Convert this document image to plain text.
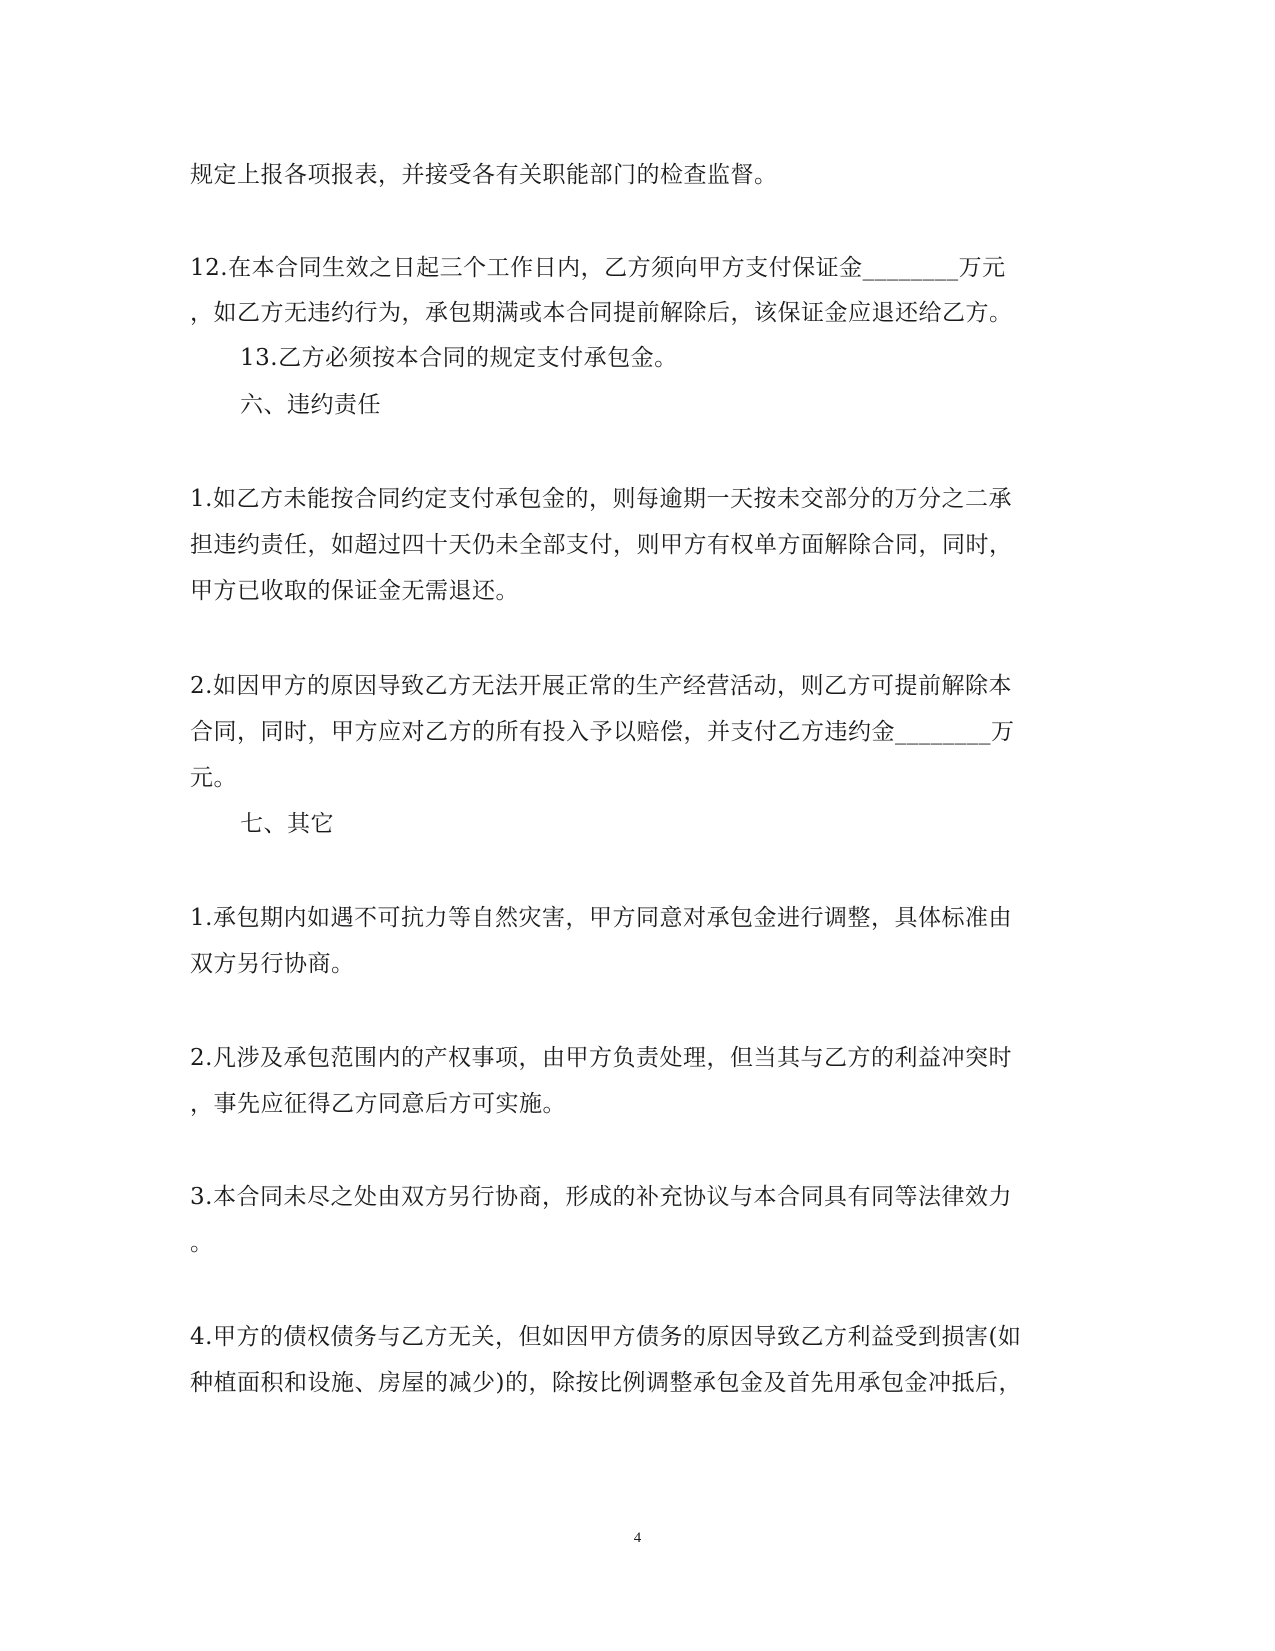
规定上报各项报表，并接受各有关职能部门的检查监督。
12.在本合同生效之日起三个工作日内，乙方须向甲方支付保证金________万元
，如乙方无违约行为，承包期满或本合同提前解除后，该保证金应退还给乙方。
13.乙方必须按本合同的规定支付承包金。
六、违约责任
1.如乙方未能按合同约定支付承包金的，则每逾期一天按未交部分的万分之二承
担违约责任，如超过四十天仍未全部支付，则甲方有权单方面解除合同，同时，
甲方已收取的保证金无需退还。
2.如因甲方的原因导致乙方无法开展正常的生产经营活动，则乙方可提前解除本
合同，同时，甲方应对乙方的所有投入予以赔偿，并支付乙方违约金________万
元。
七、其它
1.承包期内如遇不可抗力等自然灾害，甲方同意对承包金进行调整，具体标准由
双方另行协商。
2.凡涉及承包范围内的产权事项，由甲方负责处理，但当其与乙方的利益冲突时
，事先应征得乙方同意后方可实施。
3.本合同未尽之处由双方另行协商，形成的补充协议与本合同具有同等法律效力
。
4.甲方的债权债务与乙方无关，但如因甲方债务的原因导致乙方利益受到损害(如
种植面积和设施、房屋的减少)的，除按比例调整承包金及首先用承包金冲抵后，
4
